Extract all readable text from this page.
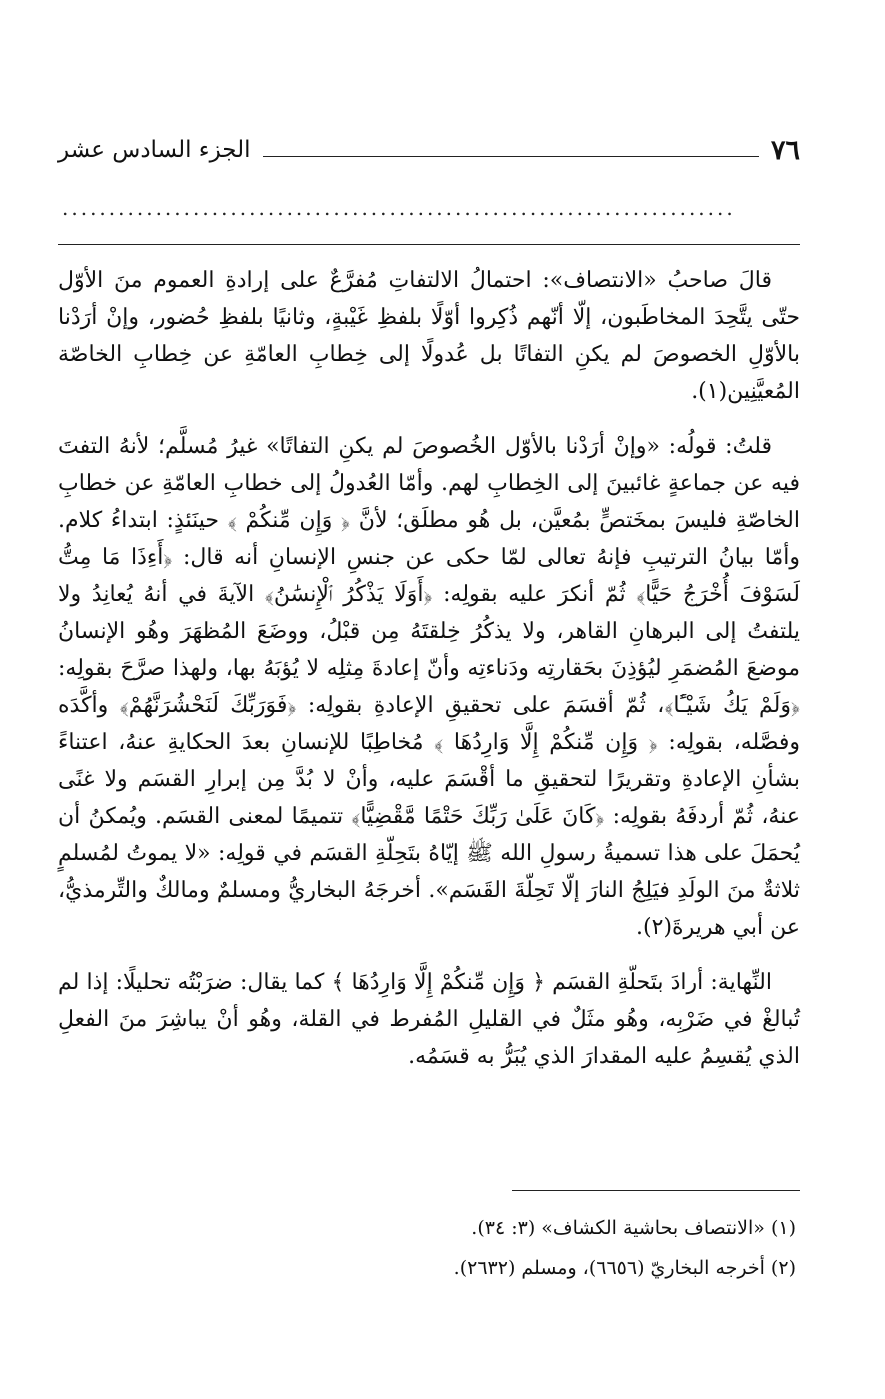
٧٦
الجزء السادس عشر
........................................................................

قالَ صاحبُ «الانتصاف»: احتمالُ الالتفاتِ مُفرَّعٌ على إرادةِ العموم منَ الأوّل حتّى يتَّحِدَ المخاطَبون، إلّا أنّهم ذُكِروا أوّلًا بلفظِ غَيْبةٍ، وثانيًا بلفظِ حُضور، وإنْ أرَدْنا بالأوّلِ الخصوصَ لم يكنِ التفاتًا بل عُدولًا إلى خِطابِ العامّةِ عن خِطابِ الخاصّة المُعيَّنِين(١).

قلتُ: قولُه: «وإنْ أرَدْنا بالأوّل الخُصوصَ لم يكنِ التفاتًا» غيرُ مُسلَّم؛ لأنهُ التفتَ فيه عن جماعةٍ غائبينَ إلى الخِطابِ لهم. وأمّا العُدولُ إلى خطابِ العامّةِ عن خطابِ الخاصّةِ فليسَ بمخَتصٍّ بمُعيَّن، بل هُو مطلَق؛ لأنَّ ﴿ وَإِن مِّنكُمْ ﴾ حينَئذٍ: ابتداءُ كلام. وأمّا بيانُ الترتيبِ فإنهُ تعالى لمّا حكى عن جنسِ الإنسانِ أنه قال: ﴿أَءِذَا مَا مِتُّ لَسَوْفَ أُخْرَجُ حَيًّا﴾ ثُمّ أنكرَ عليه بقولِه: ﴿أَوَلَا يَذْكُرُ ٱلْإِنسَٰنُ﴾ الآيةَ في أنهُ يُعانِدُ ولا يلتفتُ إلى البرهانِ القاهر، ولا يذكُرُ خِلقتَهُ مِن قبْلُ، ووضَعَ المُظهَرَ وهُو الإنسانُ موضعَ المُضمَرِ ليُؤذِنَ بحَقارتِه ودَناءتِه وأنّ إعادةَ مِثلِه لا يُؤبَهُ بها، ولهذا صرَّحَ بقولِه: ﴿وَلَمْ يَكُ شَيْـًٔا﴾، ثُمّ أقسَمَ على تحقيقِ الإعادةِ بقولِه: ﴿فَوَرَبِّكَ لَنَحْشُرَنَّهُمْ﴾ وأكَّدَه وفصَّله، بقولِه: ﴿ وَإِن مِّنكُمْ إِلَّا وَارِدُهَا ﴾ مُخاطِبًا للإنسانِ بعدَ الحكايةِ عنهُ، اعتناءً بشأنِ الإعادةِ وتقريرًا لتحقيقِ ما أقْسَمَ عليه، وأنْ لا بُدَّ مِن إبرارِ القسَم ولا غنًى عنهُ، ثُمّ أردفَهُ بقولِه: ﴿كَانَ عَلَىٰ رَبِّكَ حَتْمًا مَّقْضِيًّا﴾ تتميمًا لمعنى القسَم. ويُمكنُ أن يُحمَلَ على هذا تسميةُ رسولِ الله ﷺ إيّاهُ بتَحِلّةِ القسَم في قولِه: «لا يموتُ لمُسلمٍ ثلاثةٌ منَ الولَدِ فيَلِجُ النارَ إلّا تَحِلّةَ القَسَم». أخرجَهُ البخاريُّ ومسلمٌ ومالكٌ والتِّرمذيُّ، عن أبي هريرةَ(٢).

النِّهاية: أرادَ بتَحلّةِ القسَم ﴿ وَإِن مِّنكُمْ إِلَّا وَارِدُهَا ﴾ كما يقال: ضرَبْتُه تحليلًا: إذا لم تُبالغْ في ضَرْبِه، وهُو مثَلٌ في القليلِ المُفرط في القلة، وهُو أنْ يباشِرَ منَ الفعلِ الذي يُقسِمُ عليه المقدارَ الذي يُبَرُّ به قسَمُه.

(١) «الانتصاف بحاشية الكشاف» (٣: ٣٤).
(٢) أخرجه البخاريّ (٦٦٥٦)، ومسلم (٢٦٣٢).
